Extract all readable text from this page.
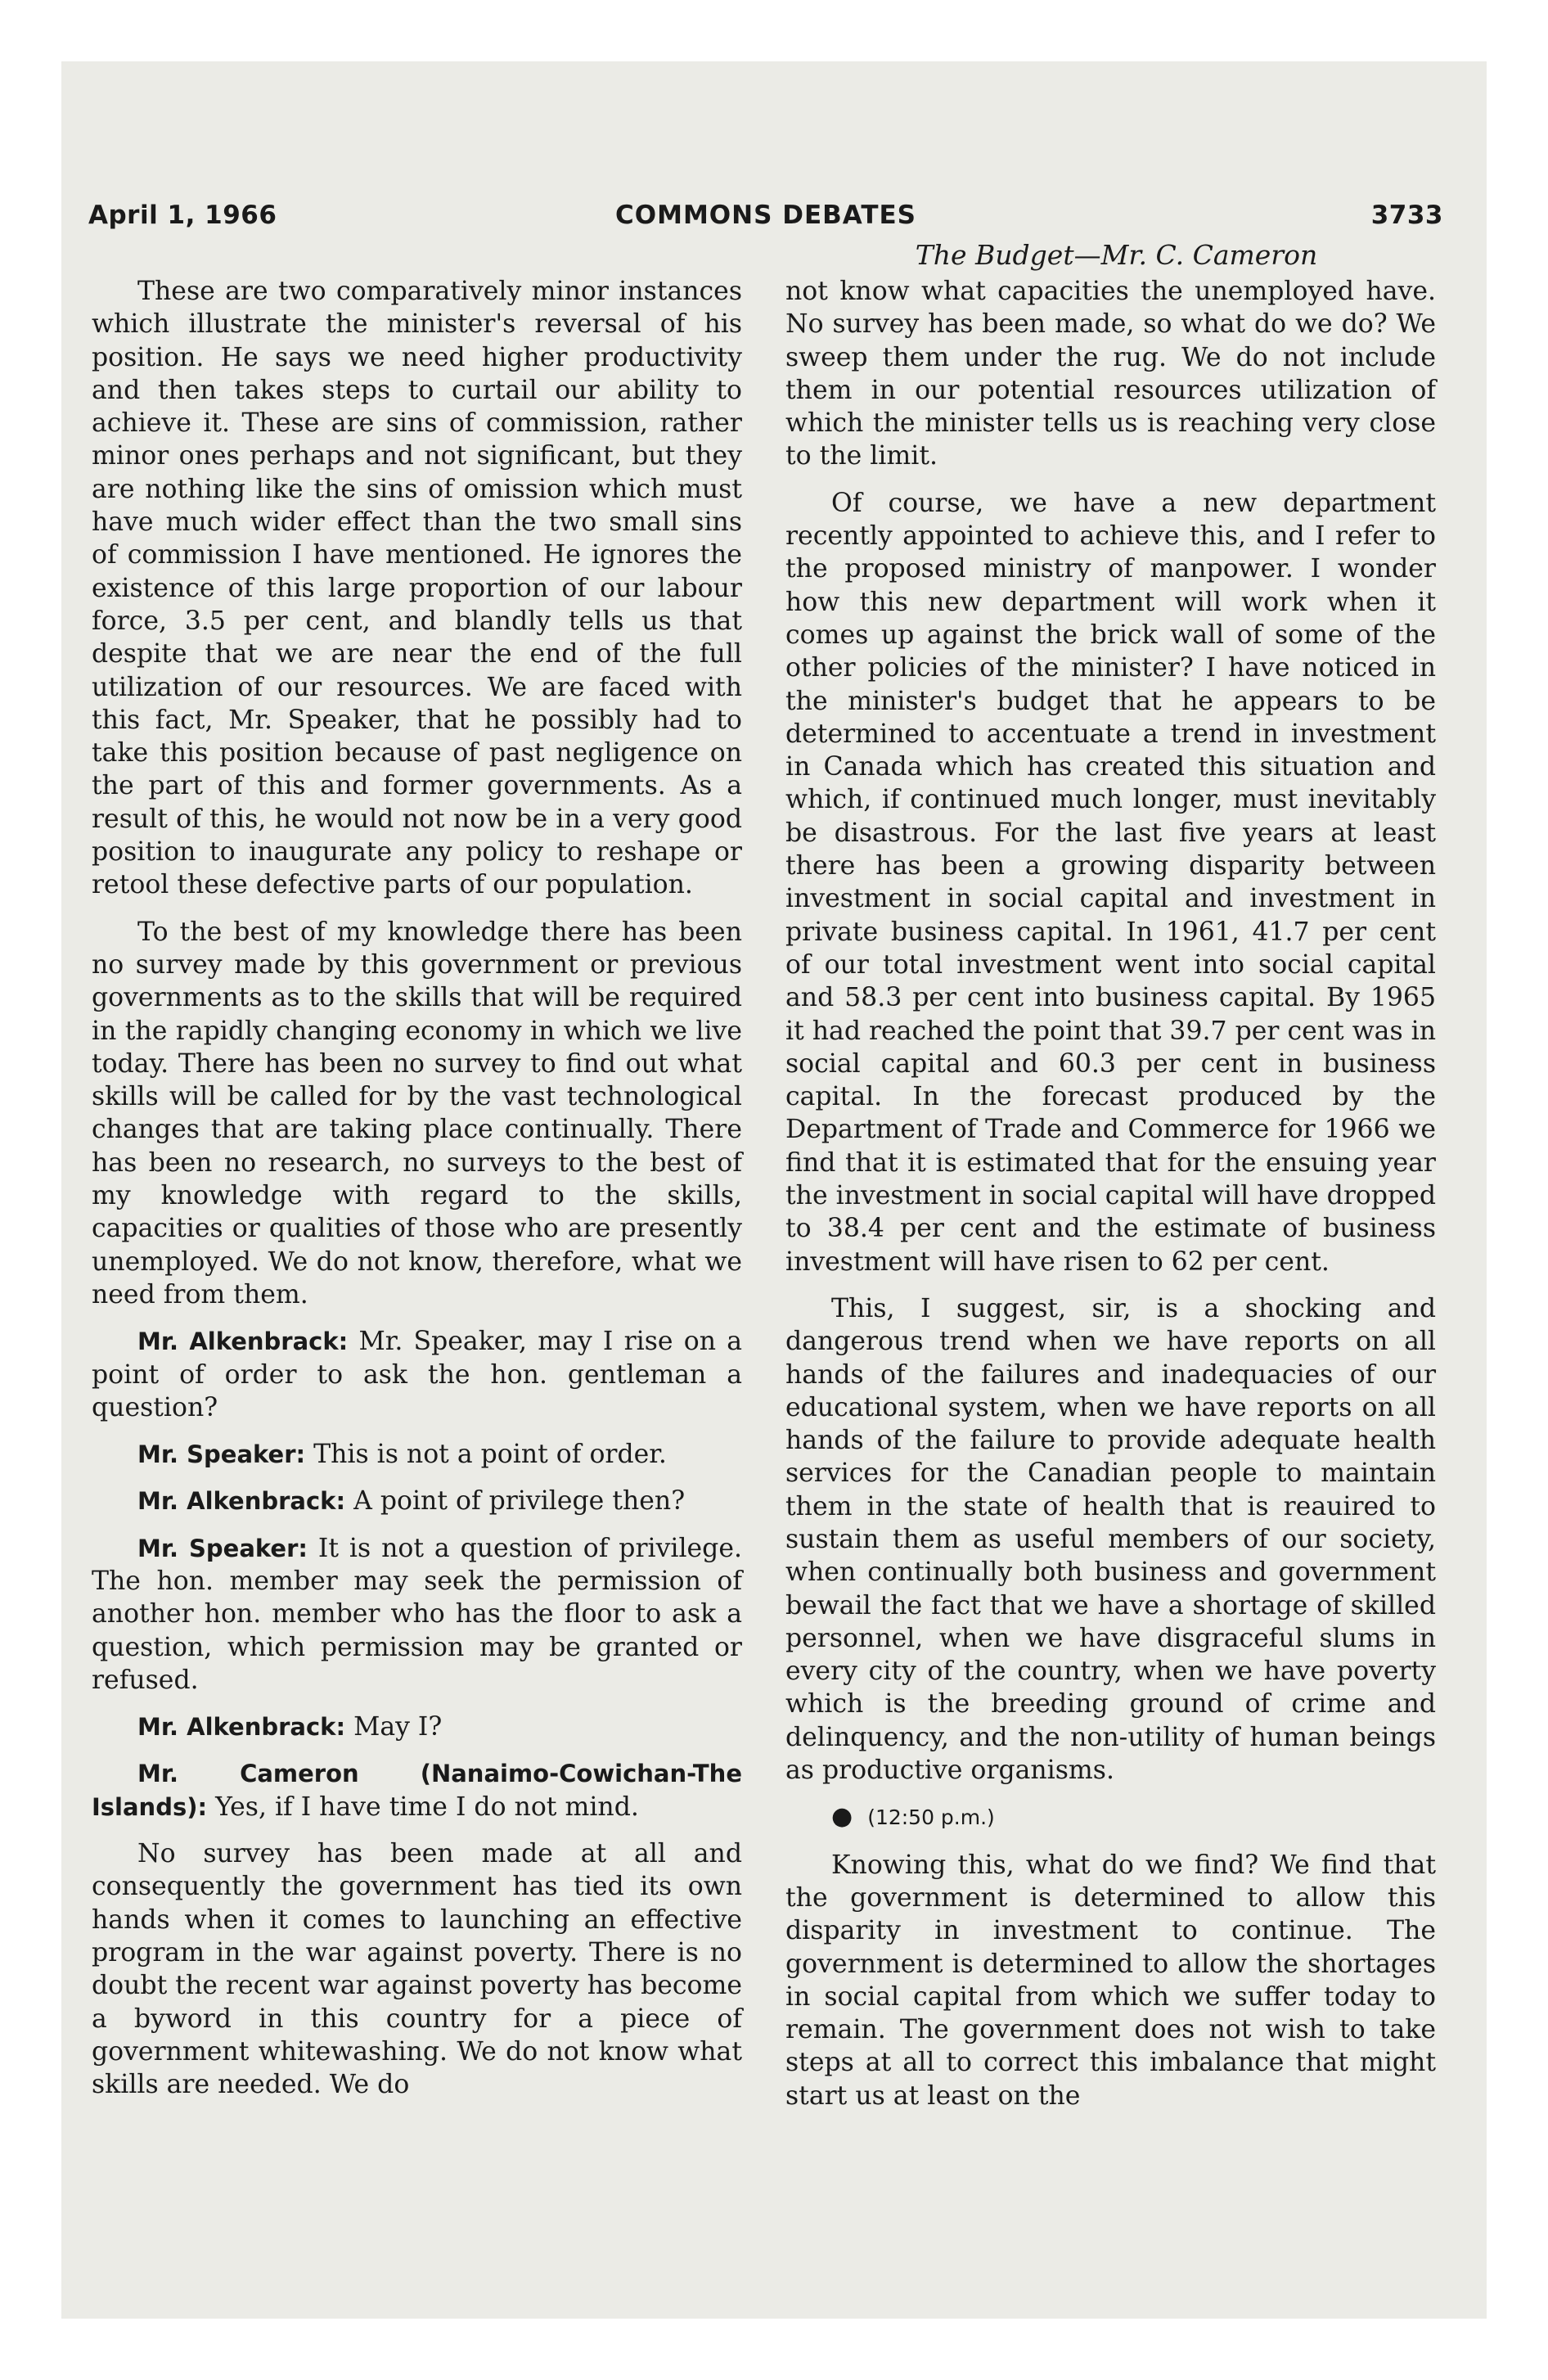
April 1, 1966	COMMONS DEBATES	3733
The Budget—Mr. C. Cameron

These are two comparatively minor instances which illustrate the minister's reversal of his position. He says we need higher productivity and then takes steps to curtail our ability to achieve it. These are sins of commission, rather minor ones perhaps and not significant, but they are nothing like the sins of omission which must have much wider effect than the two small sins of commission I have mentioned. He ignores the existence of this large proportion of our labour force, 3.5 per cent, and blandly tells us that despite that we are near the end of the full utilization of our resources. We are faced with this fact, Mr. Speaker, that he possibly had to take this position because of past negligence on the part of this and former governments. As a result of this, he would not now be in a very good position to inaugurate any policy to reshape or retool these defective parts of our population.

To the best of my knowledge there has been no survey made by this government or previous governments as to the skills that will be required in the rapidly changing economy in which we live today. There has been no survey to find out what skills will be called for by the vast technological changes that are taking place continually. There has been no research, no surveys to the best of my knowledge with regard to the skills, capacities or qualities of those who are presently unemployed. We do not know, therefore, what we need from them.

Mr. Alkenbrack: Mr. Speaker, may I rise on a point of order to ask the hon. gentleman a question?

Mr. Speaker: This is not a point of order.

Mr. Alkenbrack: A point of privilege then?

Mr. Speaker: It is not a question of privilege. The hon. member may seek the permission of another hon. member who has the floor to ask a question, which permission may be granted or refused.

Mr. Alkenbrack: May I?

Mr. Cameron (Nanaimo-Cowichan-The Islands): Yes, if I have time I do not mind.

No survey has been made at all and consequently the government has tied its own hands when it comes to launching an effective program in the war against poverty. There is no doubt the recent war against poverty has become a byword in this country for a piece of government whitewashing. We do not know what skills are needed. We do

not know what capacities the unemployed have. No survey has been made, so what do we do? We sweep them under the rug. We do not include them in our potential resources utilization of which the minister tells us is reaching very close to the limit.

Of course, we have a new department recently appointed to achieve this, and I refer to the proposed ministry of manpower. I wonder how this new department will work when it comes up against the brick wall of some of the other policies of the minister? I have noticed in the minister's budget that he appears to be determined to accentuate a trend in investment in Canada which has created this situation and which, if continued much longer, must inevitably be disastrous. For the last five years at least there has been a growing disparity between investment in social capital and investment in private business capital. In 1961, 41.7 per cent of our total investment went into social capital and 58.3 per cent into business capital. By 1965 it had reached the point that 39.7 per cent was in social capital and 60.3 per cent in business capital. In the forecast produced by the Department of Trade and Commerce for 1966 we find that it is estimated that for the ensuing year the investment in social capital will have dropped to 38.4 per cent and the estimate of business investment will have risen to 62 per cent.

This, I suggest, sir, is a shocking and dangerous trend when we have reports on all hands of the failures and inadequacies of our educational system, when we have reports on all hands of the failure to provide adequate health services for the Canadian people to maintain them in the state of health that is reauired to sustain them as useful members of our society, when continually both business and government bewail the fact that we have a shortage of skilled personnel, when we have disgraceful slums in every city of the country, when we have poverty which is the breeding ground of crime and delinquency, and the non-utility of human beings as productive organisms.

● (12:50 p.m.)

Knowing this, what do we find? We find that the government is determined to allow this disparity in investment to continue. The government is determined to allow the shortages in social capital from which we suffer today to remain. The government does not wish to take steps at all to correct this imbalance that might start us at least on the
